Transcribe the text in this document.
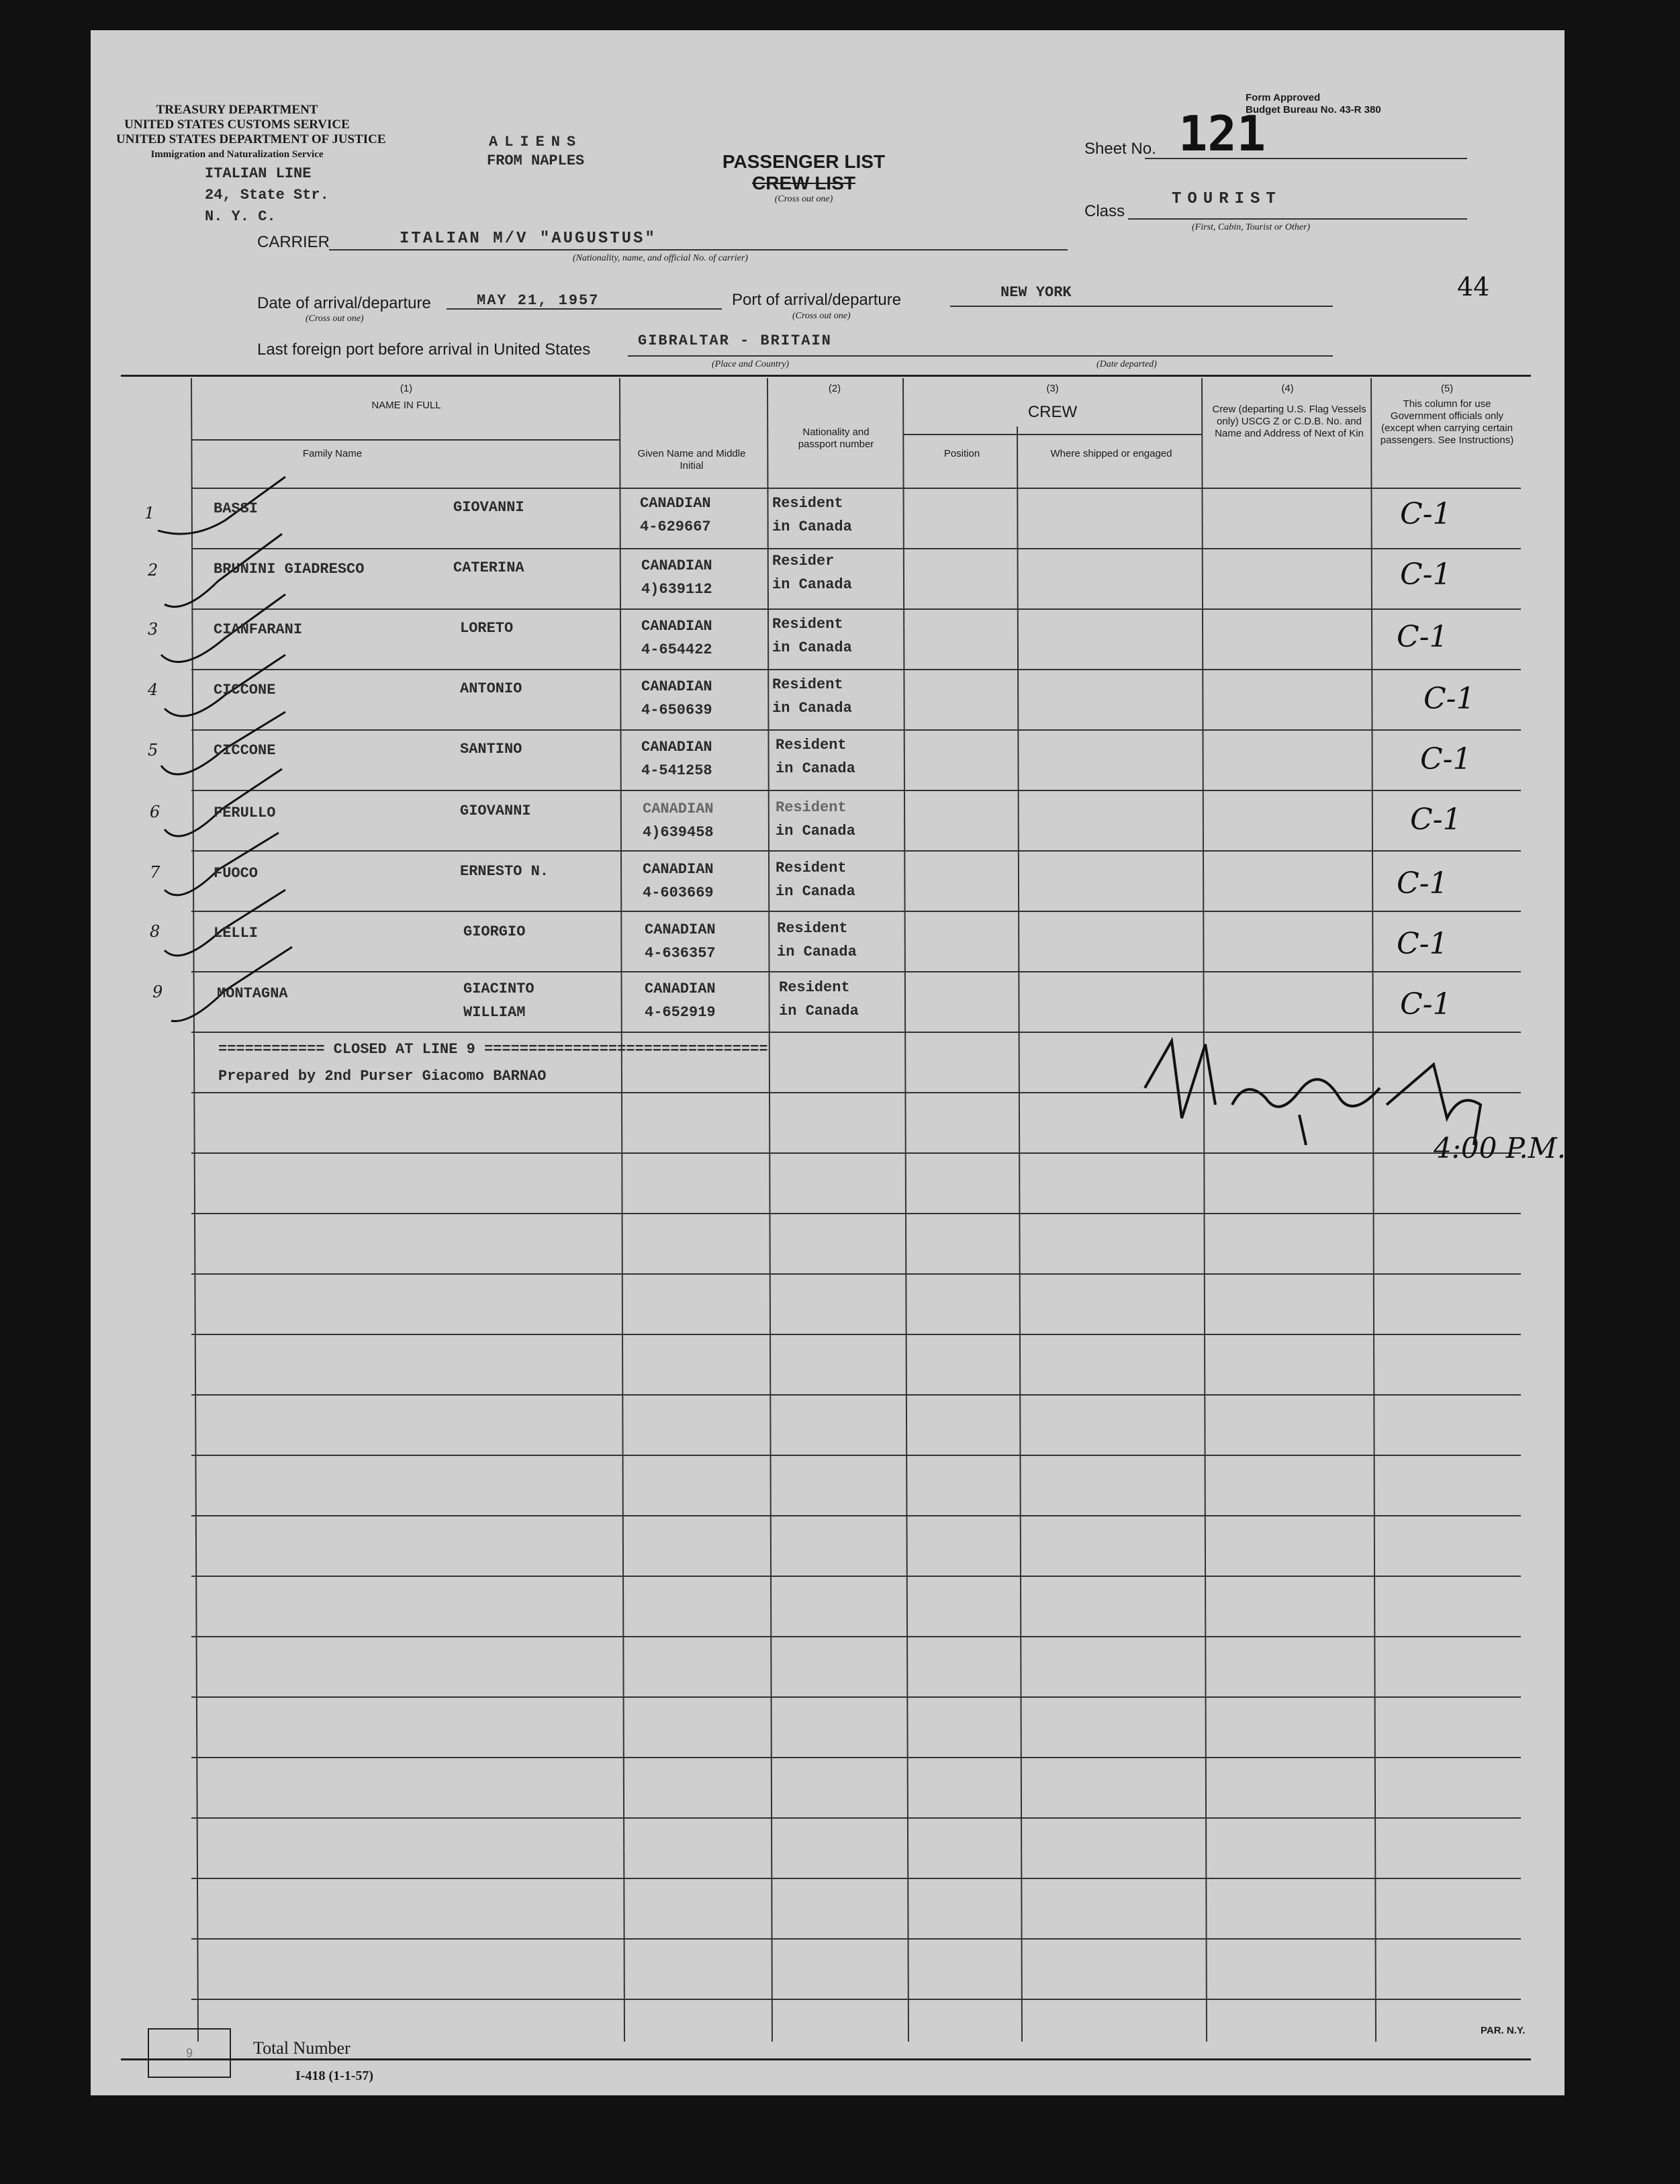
TREASURY DEPARTMENT
UNITED STATES CUSTOMS SERVICE
UNITED STATES DEPARTMENT OF JUSTICE
Immigration and Naturalization Service
ITALIAN LINE
24, State Str.
N. Y. C.
ALIENS
FROM NAPLES	PASSENGER LIST
CREW LIST
(Cross out one)
Form Approved
Budget Bureau No. 43-R 380
Sheet No. 121
Class
TOURIST
(First, Cabin, Tourist or Other)
CARRIER	ITALIAN M/V "AUGUSTUS"
(Nationality, name, and official No. of carrier)
Date of arrival/departure
(Cross out one)
MAY 21, 1957	Port of arrival/departure
(Cross out one)
NEW YORK	44
Last foreign port before arrival in United States	GIBRALTAR - BRITAIN
(Place and Country)	(Date departed)
(1)
NAME IN FULL
Family Name	Given Name and Middle Initial
(2)
Nationality and passport number
(3)
CREW
Position	Where shipped or engaged
(4)
Crew (departing U.S. Flag Vessels only) USCG Z or C.D.B. No. and Name and Address of Next of Kin
(5)
This column for use Government officials only (except when carrying certain passengers. See Instructions)
1	BASSI	GIOVANNI	CANADIAN
4-629667
Resident
in Canada	C-1
2	BRUNINI GIADRESCO	CATERINA	CANADIAN
4)639112
Resider
in Canada	C-1
3	CIANFARANI	LORETO	CANADIAN
4-654422
Resident
in Canada	C-1
4	CICCONE	ANTONIO	CANADIAN
4-650639
Resident
in Canada	C-1
5	CICCONE	SANTINO	CANADIAN
4-541258
Resident
in Canada	C-1
6	FERULLO	GIOVANNI	CANADIAN
4)639458
Resident
in Canada	C-1
7	FUOCO	ERNESTO N.	CANADIAN
4-603669
Resident
in Canada	C-1
8	LELLI	GIORGIO	CANADIAN
4-636357
Resident
in Canada	C-1
9	MONTAGNA	GIACINTO
WILLIAM
CANADIAN
4-652919
Resident
in Canada	C-1
============ CLOSED AT LINE 9 ================================
Prepared by 2nd Purser Giacomo BARNAO
4:00 P.M.
9	Total Number
I-418 (1-1-57)
PAR. N.Y.
